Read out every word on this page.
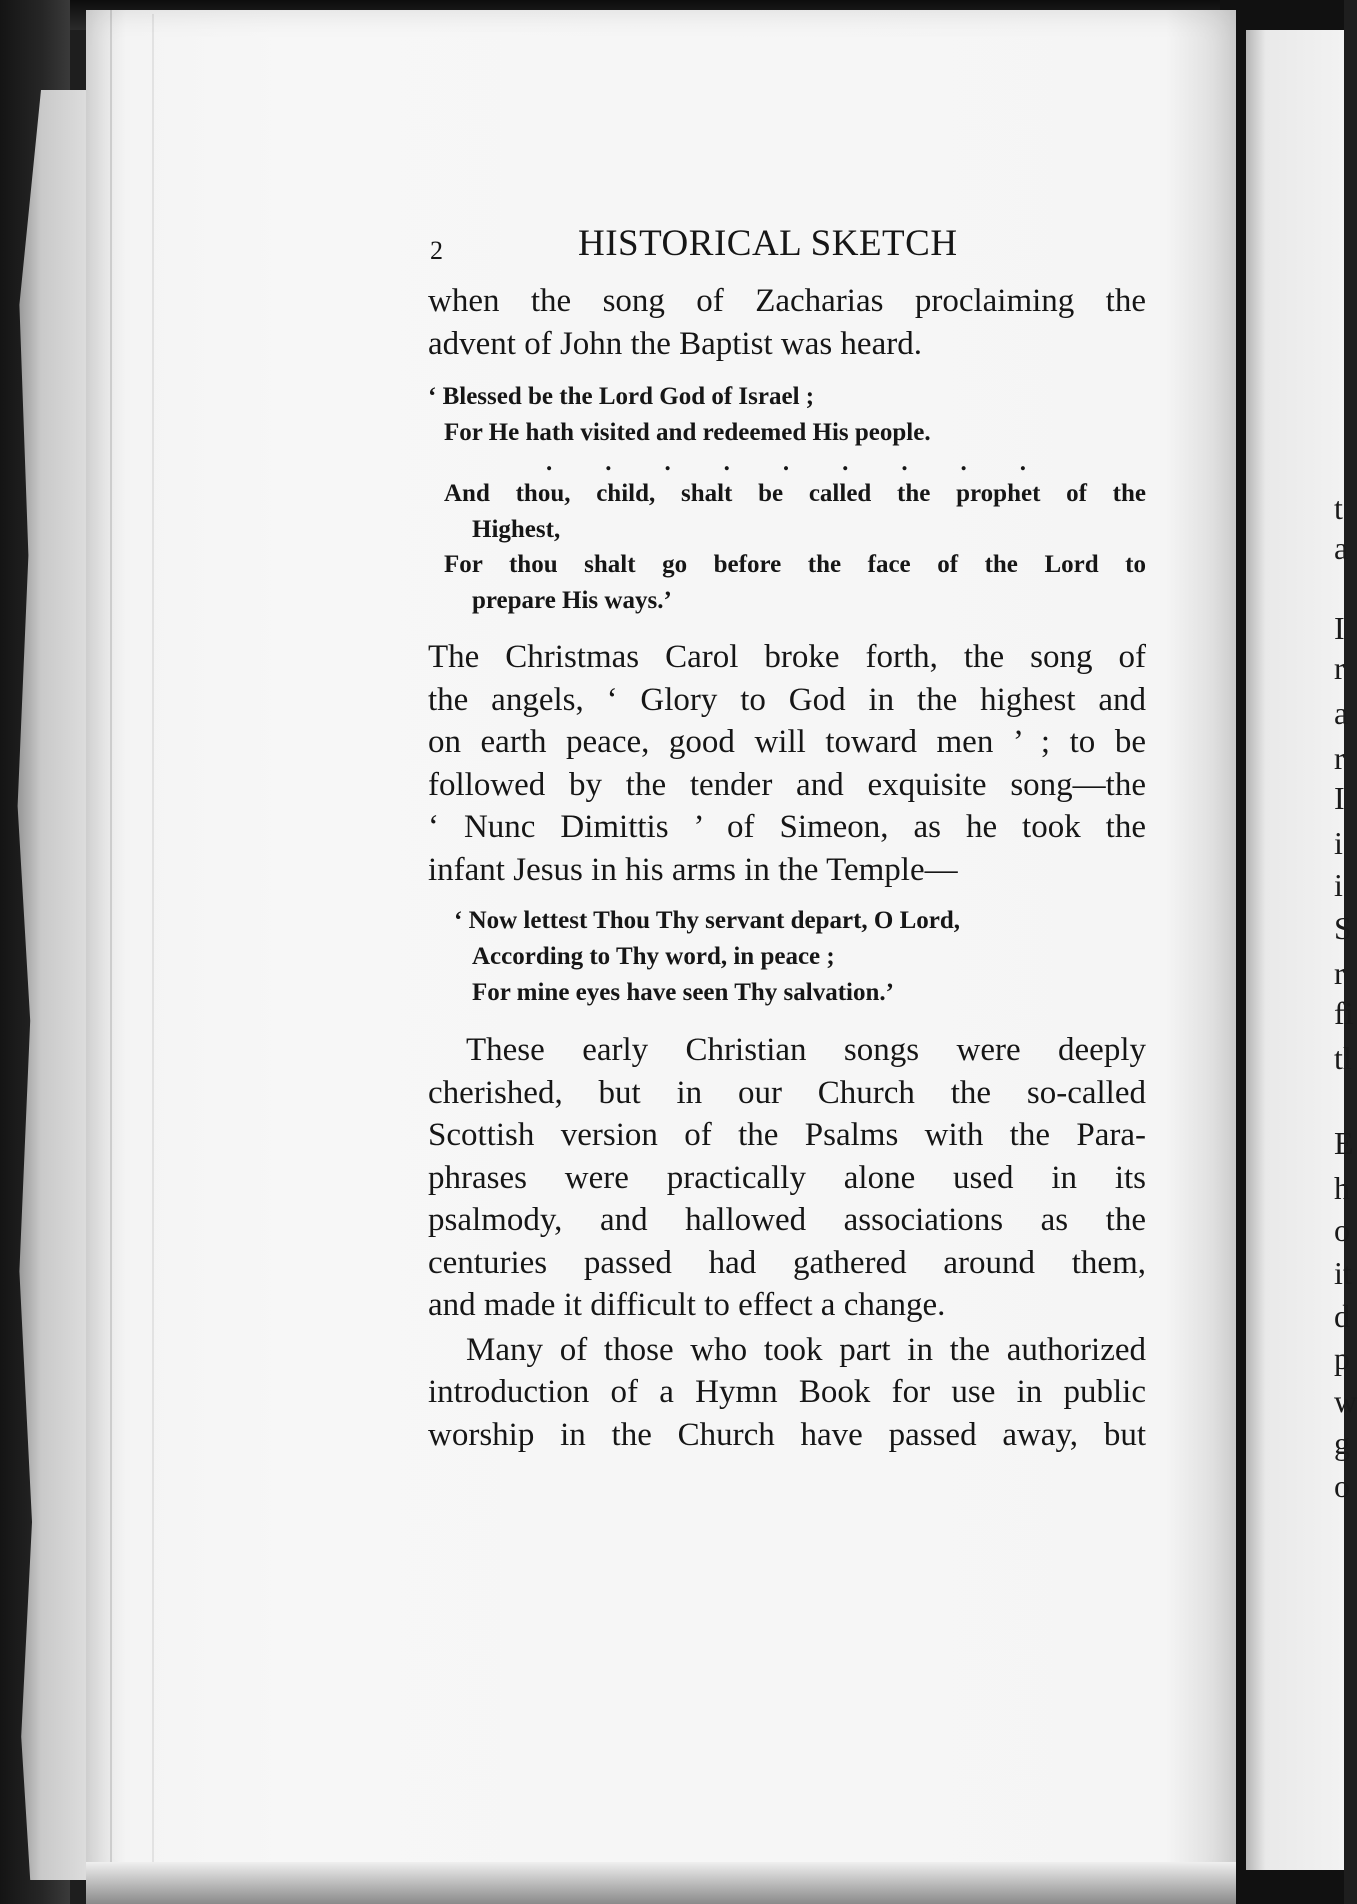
t
a
I
r
a
r
I
i
i
S
r
fi
tl
E
h
o
it
d
p
w
g
o
2	HISTORICAL SKETCH

when the song of Zacharias proclaiming the
advent of John the Baptist was heard.

‘ Blessed be the Lord God of Israel ;
For He hath visited and redeemed His people.
. . . . . . . . .
And thou, child, shalt be called the prophet of the
Highest,
For thou shalt go before the face of the Lord to
prepare His ways.’

The Christmas Carol broke forth, the song of
the angels, ‘ Glory to God in the highest and
on earth peace, good will toward men ’ ; to be
followed by the tender and exquisite song—the
‘ Nunc Dimittis ’ of Simeon, as he took the
infant Jesus in his arms in the Temple—

‘ Now lettest Thou Thy servant depart, O Lord,
According to Thy word, in peace ;
For mine eyes have seen Thy salvation.’

These early Christian songs were deeply
cherished, but in our Church the so-called
Scottish version of the Psalms with the Para-
phrases were practically alone used in its
psalmody, and hallowed associations as the
centuries passed had gathered around them,
and made it difficult to effect a change.

Many of those who took part in the authorized
introduction of a Hymn Book for use in public
worship in the Church have passed away, but
